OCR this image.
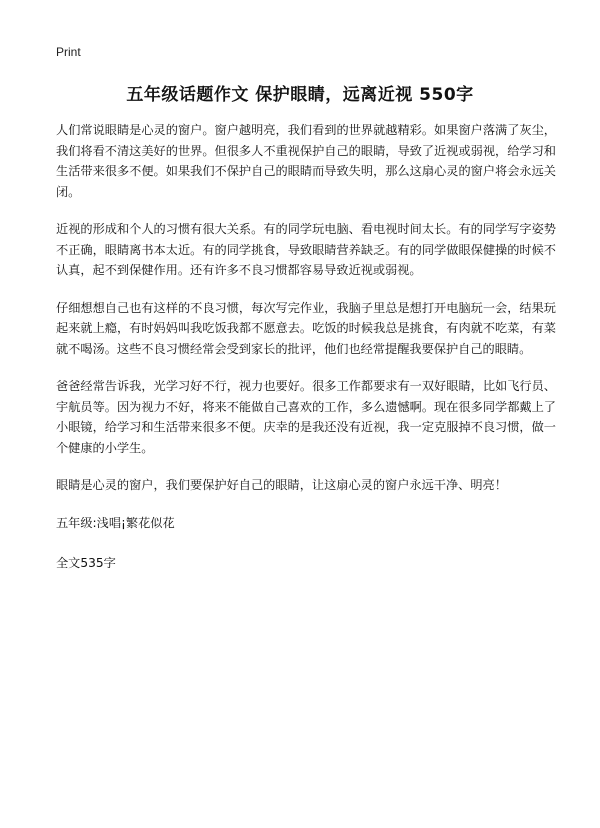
Print
五年级话题作文 保护眼睛，远离近视 550字

人们常说眼睛是心灵的窗户。窗户越明亮，我们看到的世界就越精彩。如果窗户落满了灰尘，我们将看不清这美好的世界。但很多人不重视保护自己的眼睛，导致了近视或弱视，给学习和生活带来很多不便。如果我们不保护自己的眼睛而导致失明，那么这扇心灵的窗户将会永远关闭。

近视的形成和个人的习惯有很大关系。有的同学玩电脑、看电视时间太长。有的同学写字姿势不正确，眼睛离书本太近。有的同学挑食，导致眼睛营养缺乏。有的同学做眼保健操的时候不认真，起不到保健作用。还有许多不良习惯都容易导致近视或弱视。

仔细想想自己也有这样的不良习惯，每次写完作业，我脑子里总是想打开电脑玩一会，结果玩起来就上瘾，有时妈妈叫我吃饭我都不愿意去。吃饭的时候我总是挑食，有肉就不吃菜，有菜就不喝汤。这些不良习惯经常会受到家长的批评，他们也经常提醒我要保护自己的眼睛。

爸爸经常告诉我，光学习好不行，视力也要好。很多工作都要求有一双好眼睛，比如飞行员、宇航员等。因为视力不好，将来不能做自己喜欢的工作，多么遗憾啊。现在很多同学都戴上了小眼镜，给学习和生活带来很多不便。庆幸的是我还没有近视，我一定克服掉不良习惯，做一个健康的小学生。

眼睛是心灵的窗户，我们要保护好自己的眼睛，让这扇心灵的窗户永远干净、明亮！

五年级:浅唱¡繁花似花

全文535字
